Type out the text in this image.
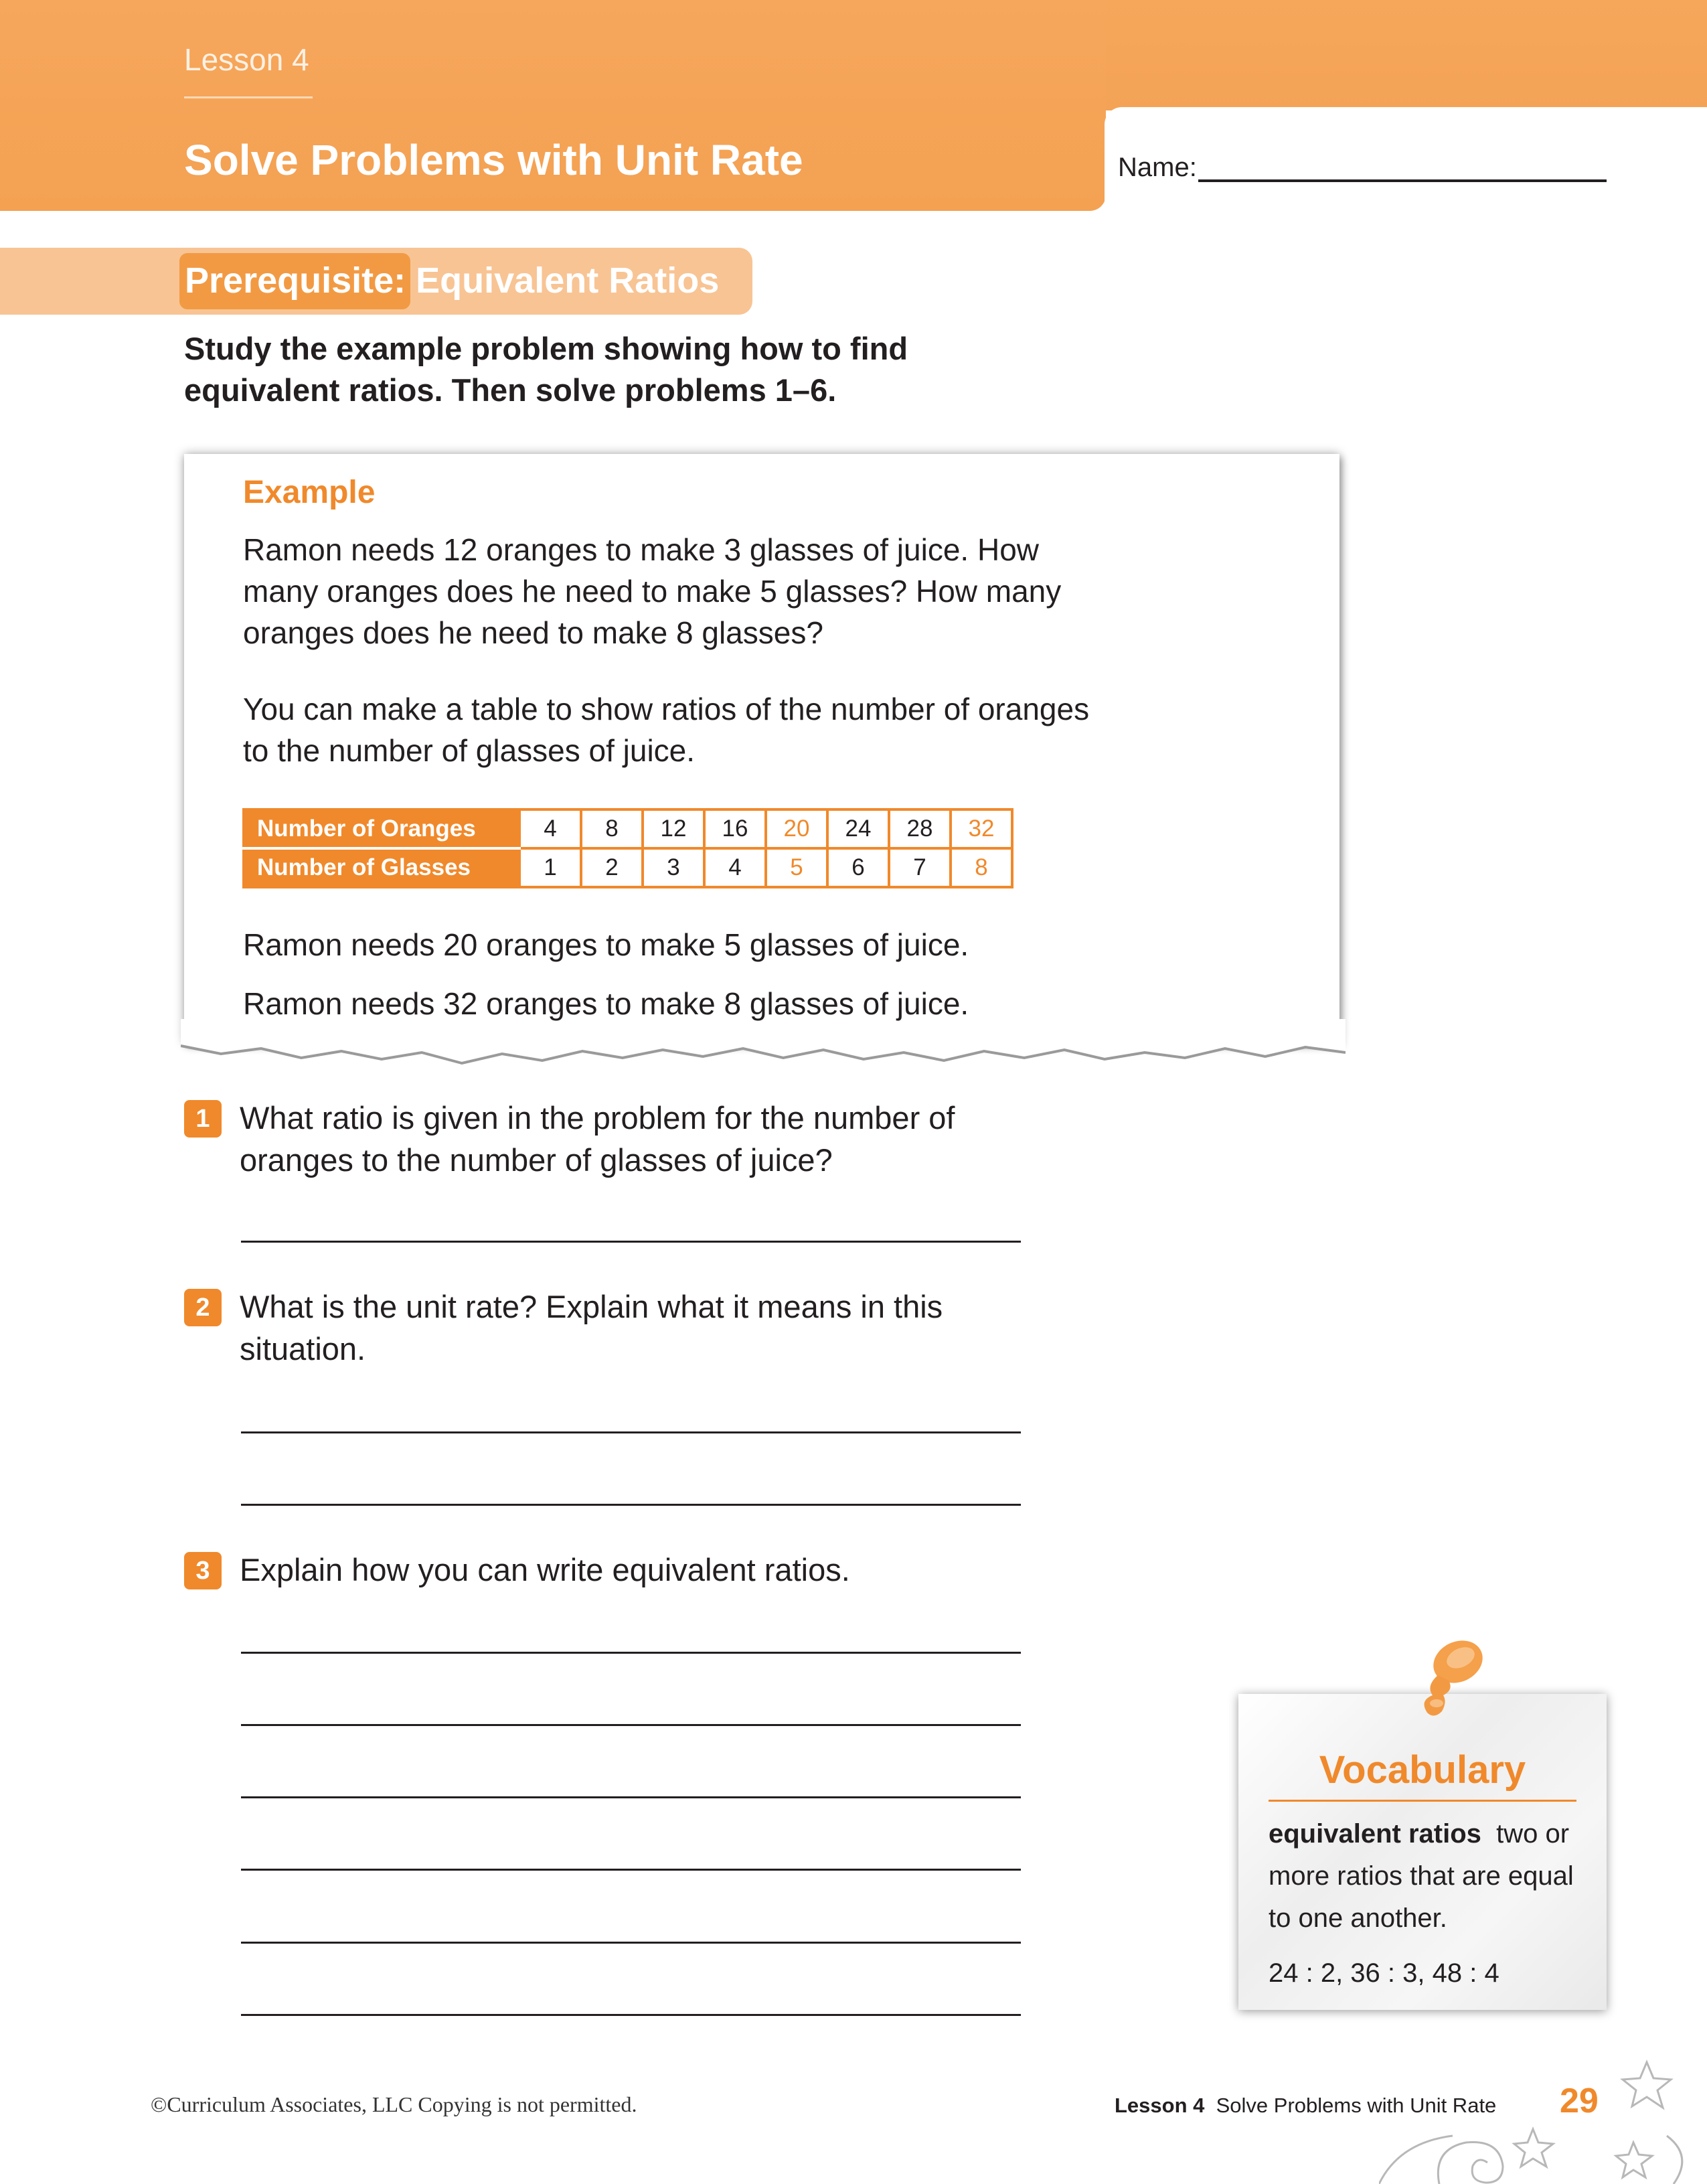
Lesson 4
Solve Problems with Unit Rate	Name:
Prerequisite: Equivalent Ratios
Study the example problem showing how to find equivalent ratios. Then solve problems 1–6.
Example
Ramon needs 12 oranges to make 3 glasses of juice. How many oranges does he need to make 5 glasses? How many oranges does he need to make 8 glasses?
You can make a table to show ratios of the number of oranges to the number of glasses of juice.
Number of Oranges	4	8	12	16	20	24	28	32
Number of Glasses	1	2	3	4	5	6	7	8
Ramon needs 20 oranges to make 5 glasses of juice.
Ramon needs 32 oranges to make 8 glasses of juice.
1 What ratio is given in the problem for the number of oranges to the number of glasses of juice?
2 What is the unit rate? Explain what it means in this situation.
3 Explain how you can write equivalent ratios.
Vocabulary
equivalent ratios two or more ratios that are equal to one another.
24 : 2, 36 : 3, 48 : 4
©Curriculum Associates, LLC Copying is not permitted.	Lesson 4 Solve Problems with Unit Rate 29
